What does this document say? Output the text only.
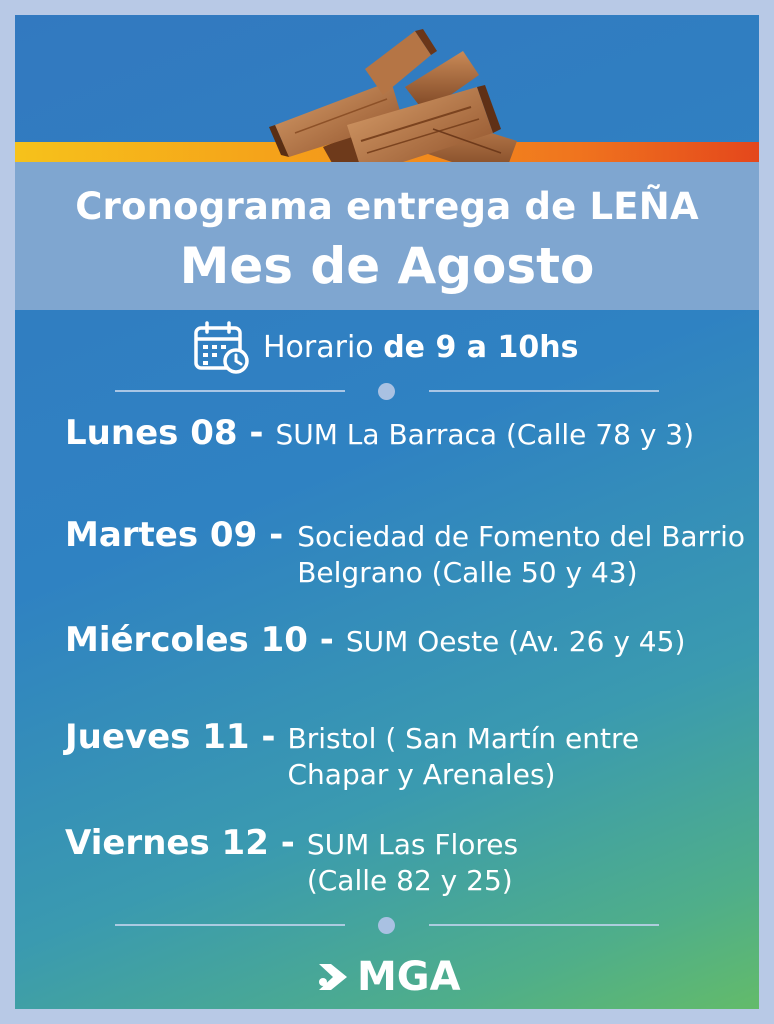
Cronograma entrega de LEÑA
Mes de Agosto
Horario de 9 a 10hs
Lunes 08 - SUM La Barraca (Calle 78 y 3)
Martes 09 - Sociedad de Fomento del Barrio
Belgrano (Calle 50 y 43)
Miércoles 10 - SUM Oeste (Av. 26 y 45)
Jueves 11 - Bristol ( San Martín entre
Chapar y Arenales)
Viernes 12 - SUM Las Flores
(Calle 82 y 25)
MGA
